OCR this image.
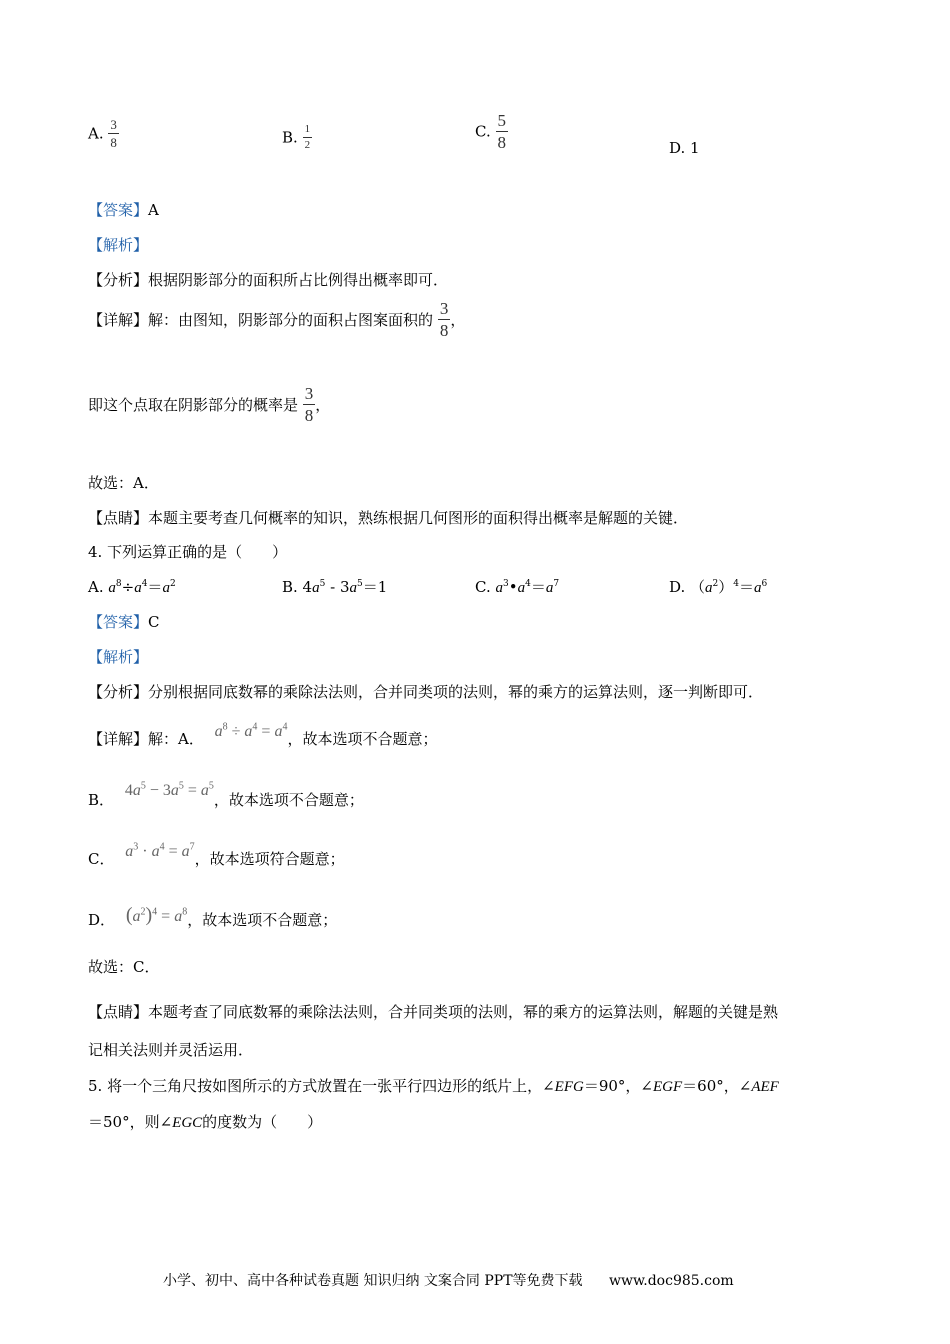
A. $\frac{3}{8}$	B. $\frac{1}{2}$	C. $\frac{5}{8}$	D. 1
【答案】A
【解析】
【分析】根据阴影部分的面积所占比例得出概率即可．
【详解】解：由图知，阴影部分的面积占图案面积的 $\frac{3}{8}$ ，
即这个点取在阴影部分的概率是 $\frac{3}{8}$ ，
故选：A．
【点睛】本题主要考查几何概率的知识，熟练根据几何图形的面积得出概率是解题的关键．
4. 下列运算正确的是（　　）
A. $a^8\div a^4=a^2$	B. $4a^5 - 3a^5=1$	C. $a^3•a^4=a^7$	D. $(a^2)^4=a^6$
【答案】C
【解析】
【分析】分别根据同底数幂的乘除法法则，合并同类项的法则，幂的乘方的运算法则，逐一判断即可．
【详解】解：A． $a^8 \div a^4 = a^4$，故本选项不合题意；
B． $4a^5 - 3a^5 = a^5$，故本选项不合题意；
C． $a^3 \cdot a^4 = a^7$，故本选项符合题意；
D． $(a^2)^4 = a^8$，故本选项不合题意；
故选：C．
【点睛】本题考查了同底数幂的乘除法法则，合并同类项的法则，幂的乘方的运算法则，解题的关键是熟
记相关法则并灵活运用．
5. 将一个三角尺按如图所示的方式放置在一张平行四边形的纸片上，∠EFG＝90°，∠EGF＝60°，∠AEF
＝50°，则∠EGC的度数为（　　）
小学、初中、高中各种试卷真题 知识归纳 文案合同 PPT等免费下载 www.doc985.com
